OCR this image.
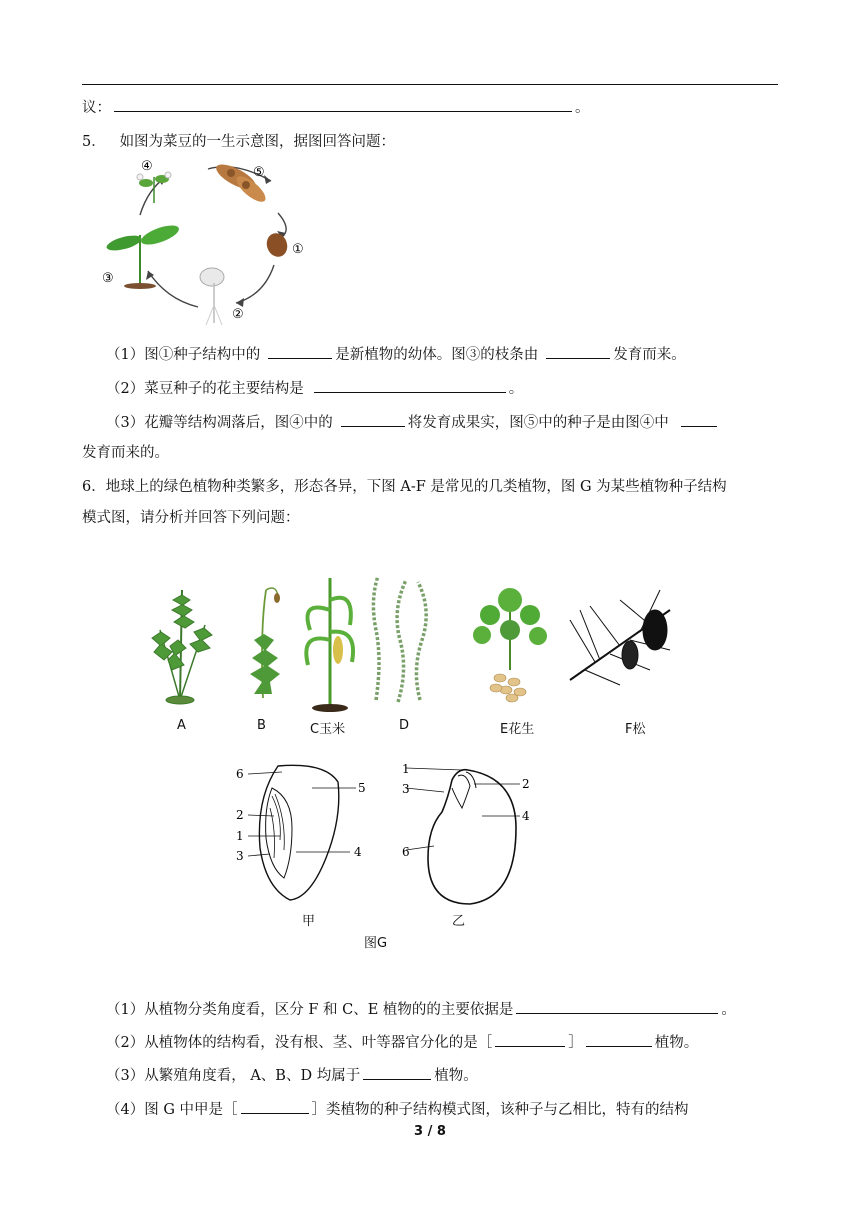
议：	。
5． 如图为菜豆的一生示意图，据图回答问题：
④	⑤
①
②
③
（1）图①种子结构中的	是新植物的幼体。图③的枝条由	发育而来。
（2）菜豆种子的花主要结构是	。
（3）花瓣等结构凋落后，图④中的	将发育成果实，图⑤中的种子是由图④中
发育而来的。
6．地球上的绿色植物种类繁多，形态各异，下图 A-F 是常见的几类植物，图 G 为某些植物种子结构
模式图，请分析并回答下列问题：
A	B	C玉米	D	E花生	F松
6
2
1
3
5
4
1
3
6
2
4
甲	乙
图G
（1）从植物分类角度看，区分 F 和 C、E 植物的的主要依据是	。
（2）从植物体的结构看，没有根、茎、叶等器官分化的是［	］	植物。
（3）从繁殖角度看， A、B、D 均属于	植物。
（4）图 G 中甲是［	］类植物的种子结构模式图，该种子与乙相比，特有的结构
3 / 8
